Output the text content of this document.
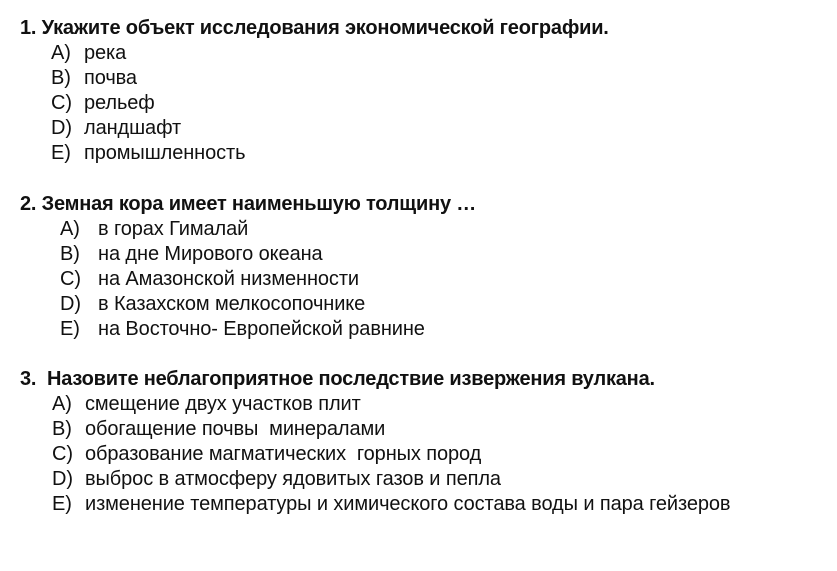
1. Укажите объект исследования экономической географии.
A) река
B) почва
C) рельеф
D) ландшафт
E) промышленность
2. Земная кора имеет наименьшую толщину …
A) в горах Гималай
B) на дне Мирового океана
C) на Амазонской низменности
D) в Казахском мелкосопочнике
E) на Восточно- Европейской равнине
3.  Назовите неблагоприятное последствие извержения вулкана.
A) смещение двух участков плит
B) обогащение почвы  минералами
C) образование магматических  горных пород
D) выброс в атмосферу ядовитых газов и пепла
E) изменение температуры и химического состава воды и пара гейзеров
